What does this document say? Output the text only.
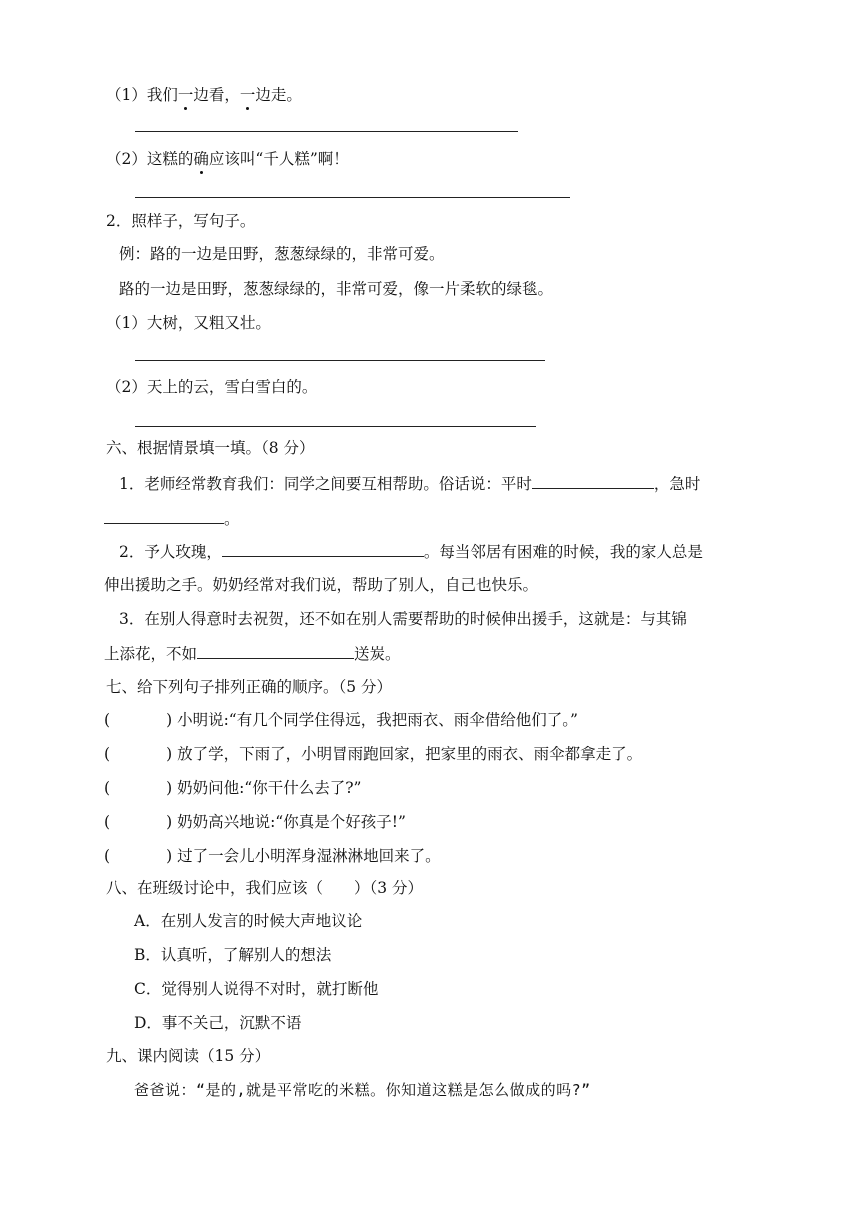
（1）我们一边看，一边走。
（2）这糕的确应该叫“千人糕”啊！
2．照样子，写句子。
例：路的一边是田野，葱葱绿绿的，非常可爱。
路的一边是田野，葱葱绿绿的，非常可爱，像一片柔软的绿毯。
（1）大树，又粗又壮。
（2）天上的云，雪白雪白的。
六、根据情景填一填。（8 分）
1．老师经常教育我们：同学之间要互相帮助。俗话说：平时	，急时
。
2．予人玫瑰，	。每当邻居有困难的时候，我的家人总是
伸出援助之手。奶奶经常对我们说，帮助了别人，自己也快乐。
3．在别人得意时去祝贺，还不如在别人需要帮助的时候伸出援手，这就是：与其锦
上添花，不如	送炭。
七、给下列句子排列正确的顺序。（5 分）
(	) 小明说:“有几个同学住得远，我把雨衣、雨伞借给他们了。”
(	) 放了学，下雨了，小明冒雨跑回家，把家里的雨衣、雨伞都拿走了。
(	) 奶奶问他:“你干什么去了?”
(	) 奶奶高兴地说:“你真是个好孩子!”
(	) 过了一会儿小明浑身湿淋淋地回来了。
八、在班级讨论中，我们应该（　　）（3 分）
A．在别人发言的时候大声地议论
B．认真听，了解别人的想法
C．觉得别人说得不对时，就打断他
D．事不关己，沉默不语
九、课内阅读（15 分）
爸爸说：“是的,就是平常吃的米糕。你知道这糕是怎么做成的吗?”
